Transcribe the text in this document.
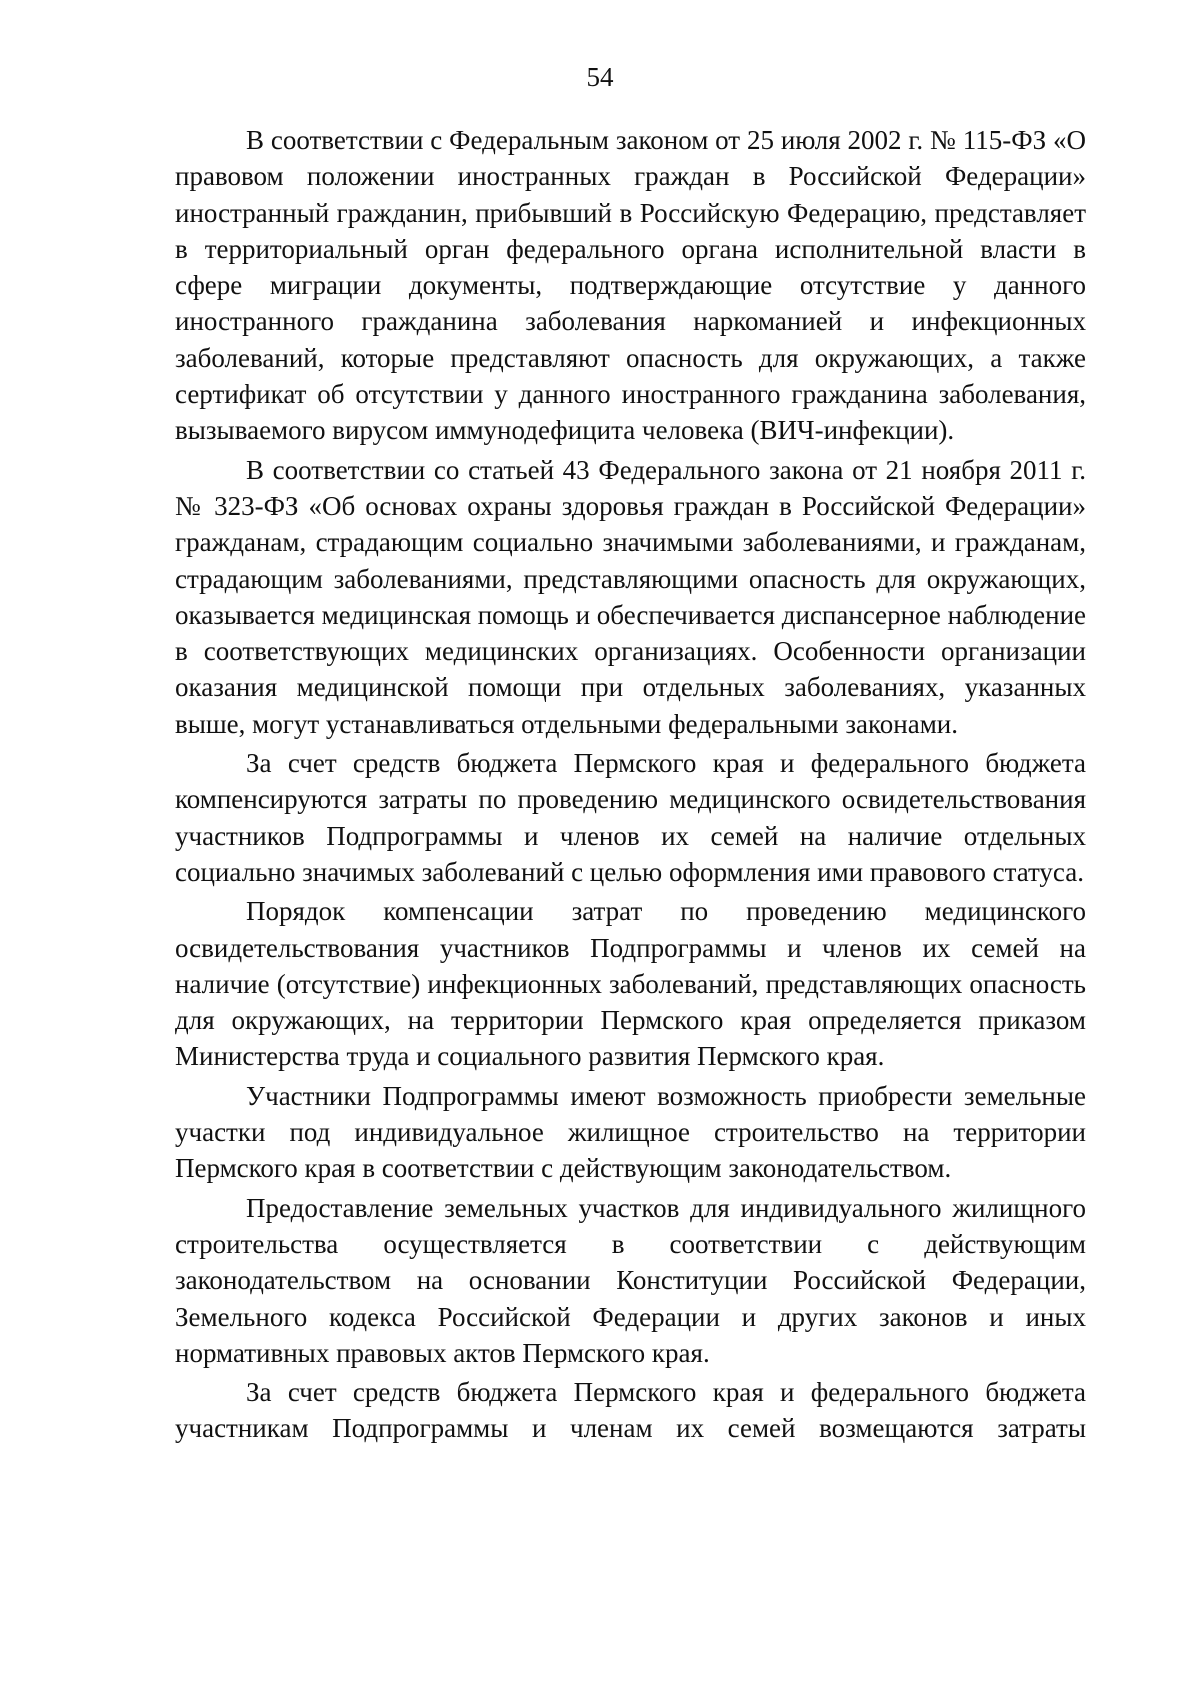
54

В соответствии с Федеральным законом от 25 июля 2002 г. № 115-ФЗ «О правовом положении иностранных граждан в Российской Федерации» иностранный гражданин, прибывший в Российскую Федерацию, представляет в территориальный орган федерального органа исполнительной власти в сфере миграции документы, подтверждающие отсутствие у данного иностранного гражданина заболевания наркоманией и инфекционных заболеваний, которые представляют опасность для окружающих, а также сертификат об отсутствии у данного иностранного гражданина заболевания, вызываемого вирусом иммунодефицита человека (ВИЧ-инфекции).

В соответствии со статьей 43 Федерального закона от 21 ноября 2011 г. № 323-ФЗ «Об основах охраны здоровья граждан в Российской Федерации» гражданам, страдающим социально значимыми заболеваниями, и гражданам, страдающим заболеваниями, представляющими опасность для окружающих, оказывается медицинская помощь и обеспечивается диспансерное наблюдение в соответствующих медицинских организациях. Особенности организации оказания медицинской помощи при отдельных заболеваниях, указанных выше, могут устанавливаться отдельными федеральными законами.

За счет средств бюджета Пермского края и федерального бюджета компенсируются затраты по проведению медицинского освидетельствования участников Подпрограммы и членов их семей на наличие отдельных социально значимых заболеваний с целью оформления ими правового статуса.

Порядок компенсации затрат по проведению медицинского освидетельствования участников Подпрограммы и членов их семей на наличие (отсутствие) инфекционных заболеваний, представляющих опасность для окружающих, на территории Пермского края определяется приказом Министерства труда и социального развития Пермского края.

Участники Подпрограммы имеют возможность приобрести земельные участки под индивидуальное жилищное строительство на территории Пермского края в соответствии с действующим законодательством.

Предоставление земельных участков для индивидуального жилищного строительства осуществляется в соответствии с действующим законодательством на основании Конституции Российской Федерации, Земельного кодекса Российской Федерации и других законов и иных нормативных правовых актов Пермского края.

За счет средств бюджета Пермского края и федерального бюджета участникам Подпрограммы и членам их семей возмещаются затраты
